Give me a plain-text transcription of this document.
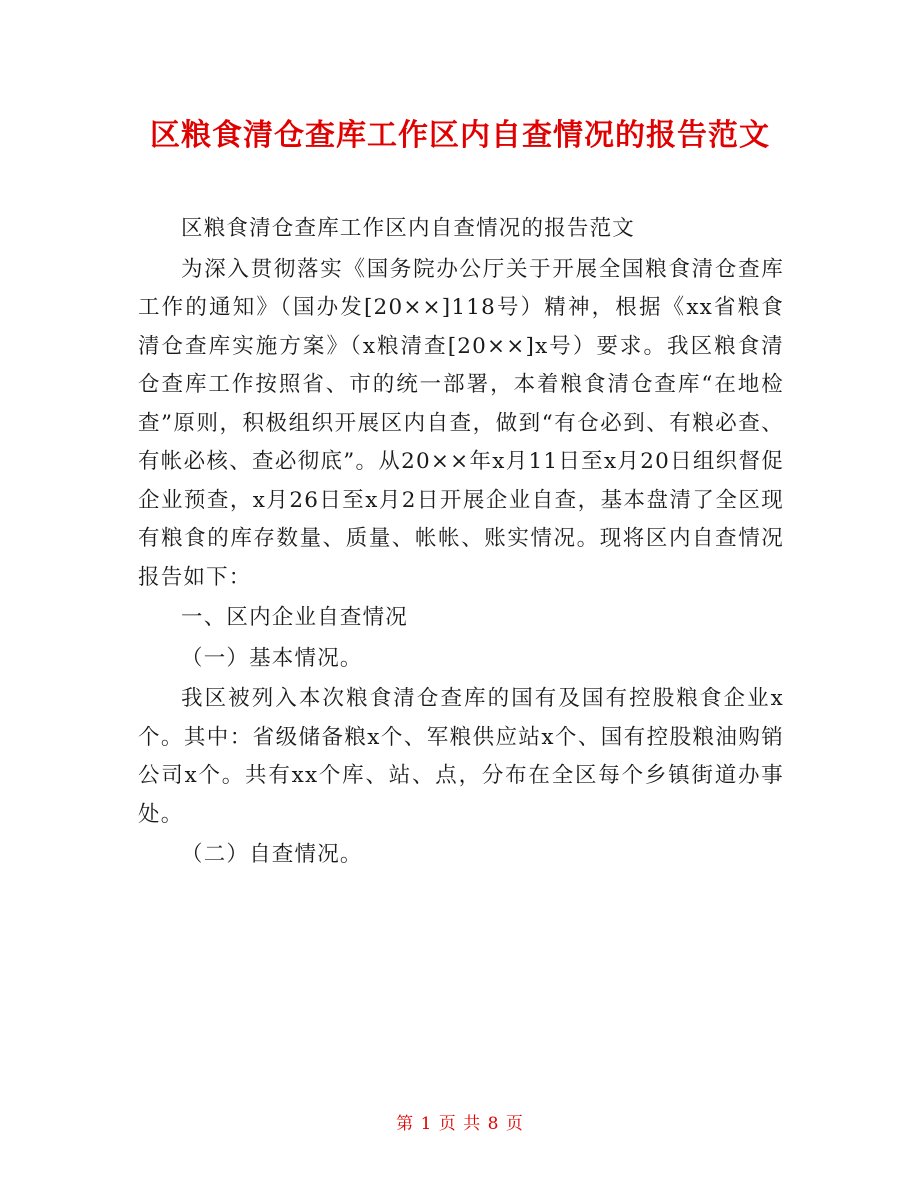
区粮食清仓查库工作区内自查情况的报告范文

区粮食清仓查库工作区内自查情况的报告范文

为深入贯彻落实《国务院办公厅关于开展全国粮食清仓查库工作的通知》（国办发[20××]118号）精神，根据《xx省粮食清仓查库实施方案》（x粮清查[20××]x号）要求。我区粮食清仓查库工作按照省、市的统一部署，本着粮食清仓查库“在地检查”原则，积极组织开展区内自查，做到“有仓必到、有粮必查、有帐必核、查必彻底”。从20××年x月11日至x月20日组织督促企业预查，x月26日至x月2日开展企业自查，基本盘清了全区现有粮食的库存数量、质量、帐帐、账实情况。现将区内自查情况报告如下：

一、区内企业自查情况

（一）基本情况。

我区被列入本次粮食清仓查库的国有及国有控股粮食企业x个。其中：省级储备粮x个、军粮供应站x个、国有控股粮油购销公司x个。共有xx个库、站、点，分布在全区每个乡镇街道办事处。

（二）自查情况。

第 1 页 共 8 页
